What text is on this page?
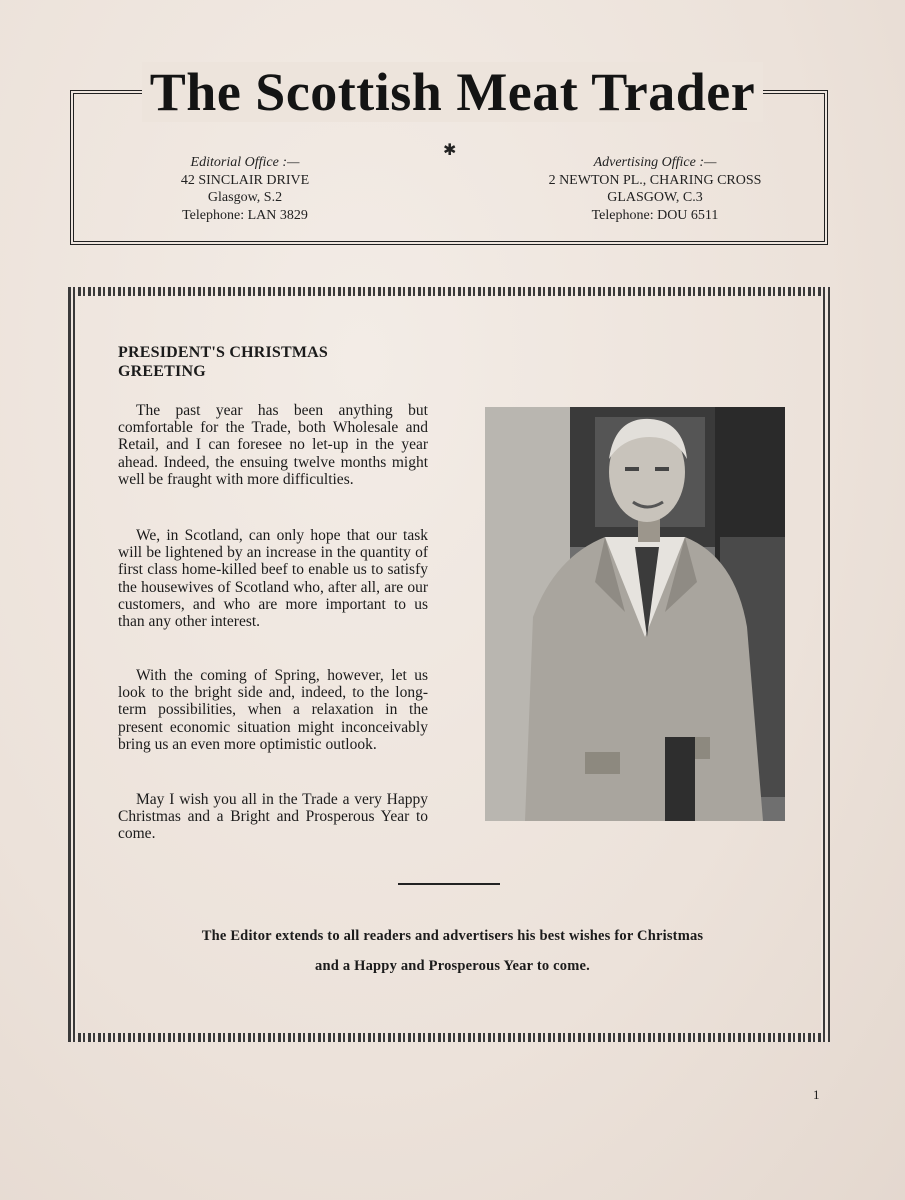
The Scottish Meat Trader
✱
Editorial Office :—
42 SINCLAIR DRIVE
Glasgow, S.2
Telephone: LAN 3829
Advertising Office :—
2 NEWTON PL., CHARING CROSS
GLASGOW, C.3
Telephone: DOU 6511
PRESIDENT'S CHRISTMAS GREETING

The past year has been anything but comfortable for the Trade, both Wholesale and Retail, and I can foresee no let-up in the year ahead. Indeed, the ensuing twelve months might well be fraught with more difficulties.

We, in Scotland, can only hope that our task will be lightened by an increase in the quantity of first class home-killed beef to enable us to satisfy the housewives of Scotland who, after all, are our customers, and who are more important to us than any other interest.

With the coming of Spring, however, let us look to the bright side and, indeed, to the long-term possibilities, when a relaxation in the present economic situation might inconceivably bring us an even more optimistic outlook.

May I wish you all in the Trade a very Happy Christmas and a Bright and Prosperous Year to come.

The Editor extends to all readers and advertisers his best wishes for Christmas
and a Happy and Prosperous Year to come.
1
